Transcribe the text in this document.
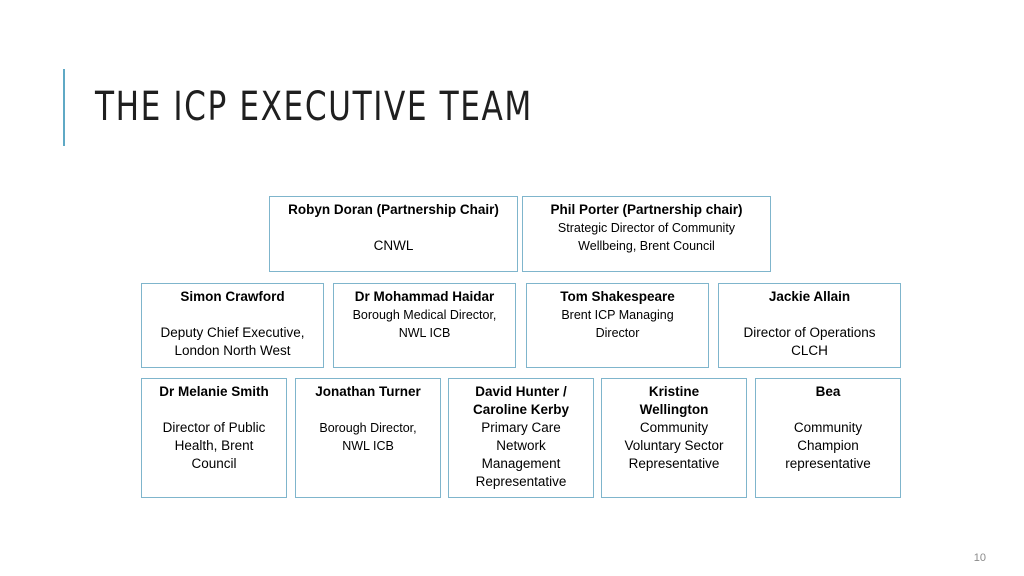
THE ICP EXECUTIVE TEAM
Robyn Doran (Partnership Chair)
CNWL
Phil Porter (Partnership chair)
Strategic Director of Community
Wellbeing, Brent Council
Simon Crawford
Deputy Chief Executive,
London North West
Dr Mohammad Haidar
Borough Medical Director,
NWL ICB
Tom Shakespeare
Brent ICP Managing
Director
Jackie Allain
Director of Operations
CLCH
Dr Melanie Smith
Director of Public
Health, Brent
Council
Jonathan Turner
Borough Director,
NWL ICB
David Hunter /
Caroline Kerby
Primary Care
Network
Management
Representative
Kristine
Wellington
Community
Voluntary Sector
Representative
Bea
Community
Champion
representative
10
